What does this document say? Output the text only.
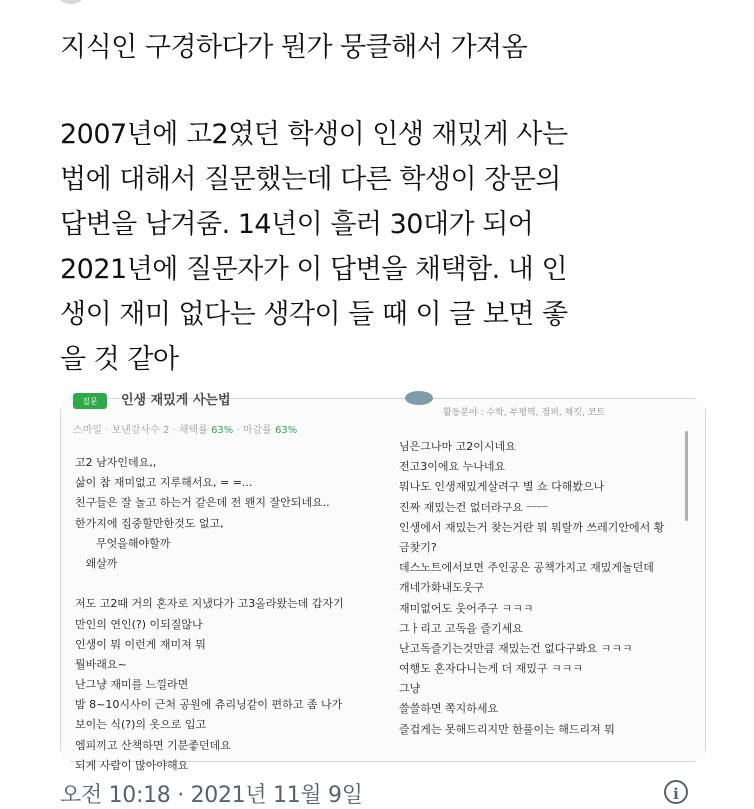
지식인 구경하다가 뭔가 뭉클해서 가져옴
2007년에 고2였던 학생이 인생 재밌게 사는
법에 대해서 질문했는데 다른 학생이 장문의
답변을 남겨줌. 14년이 흘러 30대가 되어
2021년에 질문자가 이 답변을 채택함. 내 인
생이 재미 없다는 생각이 들 때 이 글 보면 좋
을 것 같아
질문	인생 재밌게 사는법
스마일 · 보낸감사수 2 · 채택률 63% · 마감률 63%
고2 남자인데요,,
삶이 참 재미없고 지루해서요, = =...
친구들은 잘 놀고 하는거 같은데 전 왠지 잘안되네요..
한가지에 집중할만한것도 없고,
무엇을해야할까
왜살까
저도 고2때 거의 혼자로 지냈다가 고3올라왔는데 갑자기
만인의 연인(?) 이되질않나
인생이 뭐 이런게 재미져 뭐
뭘바래요~
난그냥 재미를 느낄라면
밤 8~10시사이 근처 공원에 츄리닝같이 편하고 좀 나가
보이는 식(?)의 옷으로 입고
엠피끼고 산책하면 기분좋던데요
되게 사람이 많아야해요
활동분야 : 수학, 부평역, 점퍼, 채킷, 코트
님은그나마 고2이시네요
전고3이에요 누나네요
뭐나도 인생재밌게살려구 별 쇼 다해봤으나
진짜 재밌는건 없더라구요 ㅡㅡ
인생에서 재밌는거 찾는거란 뭐 뭐랄까 쓰레기안에서 황
금찾기?
데스노트에서보면 주인공은 공책가지고 재밌게놀던데
개네가화내도웃구
재미없어도 웃어주구 ㅋㅋㅋ
그ㅏ리고 고독을 즐기세요
난고독즐기는것만큼 재밌는건 없다구봐요 ㅋㅋㅋ
여행도 혼자다니는게 더 재밌구 ㅋㅋㅋ
그냥
쓸쓸하면 쪽지하세요
즐겁게는 못해드리지만 한풀이는 해드리져 뭐
오전 10:18 · 2021년 11월 9일	i
